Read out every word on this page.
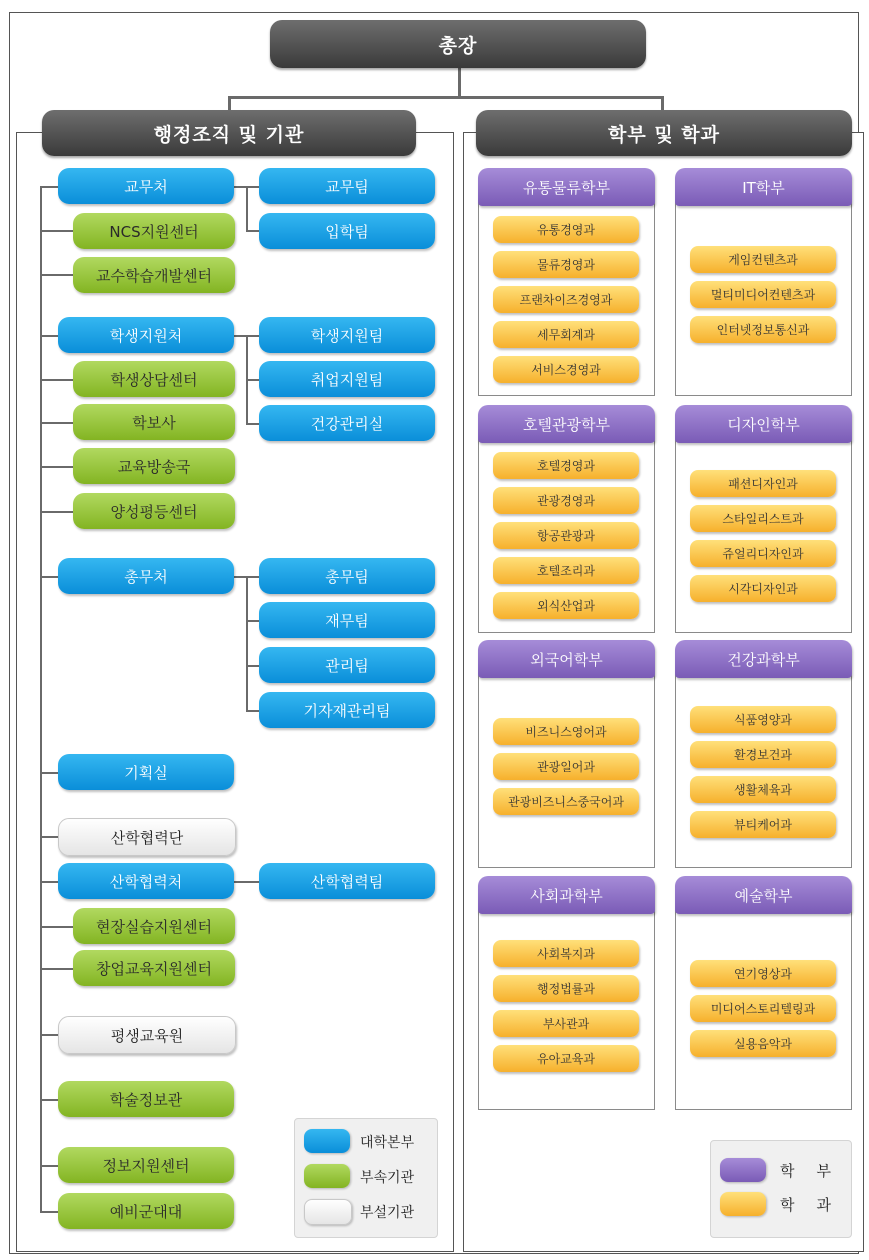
총장
행정조직 및 기관	학부 및 학과
교무처	교무팀
NCS지원센터	입학팀
교수학습개발센터
학생지원처	학생지원팀
학생상담센터	취업지원팀
학보사	건강관리실
교육방송국
양성평등센터
총무처	총무팀
재무팀
관리팀
기자재관리팀
기획실
산학협력단
산학협력처	산학협력팀
현장실습지원센터
창업교육지원센터
평생교육원
학술정보관
정보지원센터
예비군대대
대학본부
부속기관
부설기관
유통물류학부
유통경영과
물류경영과
프랜차이즈경영과
세무회계과
서비스경영과
IT학부
게임컨텐츠과
멀티미디어컨텐츠과
인터넷정보통신과
호텔관광학부
호텔경영과
관광경영과
항공관광과
호텔조리과
외식산업과
디자인학부
패션디자인과
스타일리스트과
쥬얼리디자인과
시각디자인과
외국어학부
비즈니스영어과
관광일어과
관광비즈니스중국어과
건강과학부
식품영양과
환경보건과
생활체육과
뷰티케어과
사회과학부
사회복지과
행정법률과
부사관과
유아교육과
예술학부
연기영상과
미디어스토리텔링과
실용음악과
학부
학과
